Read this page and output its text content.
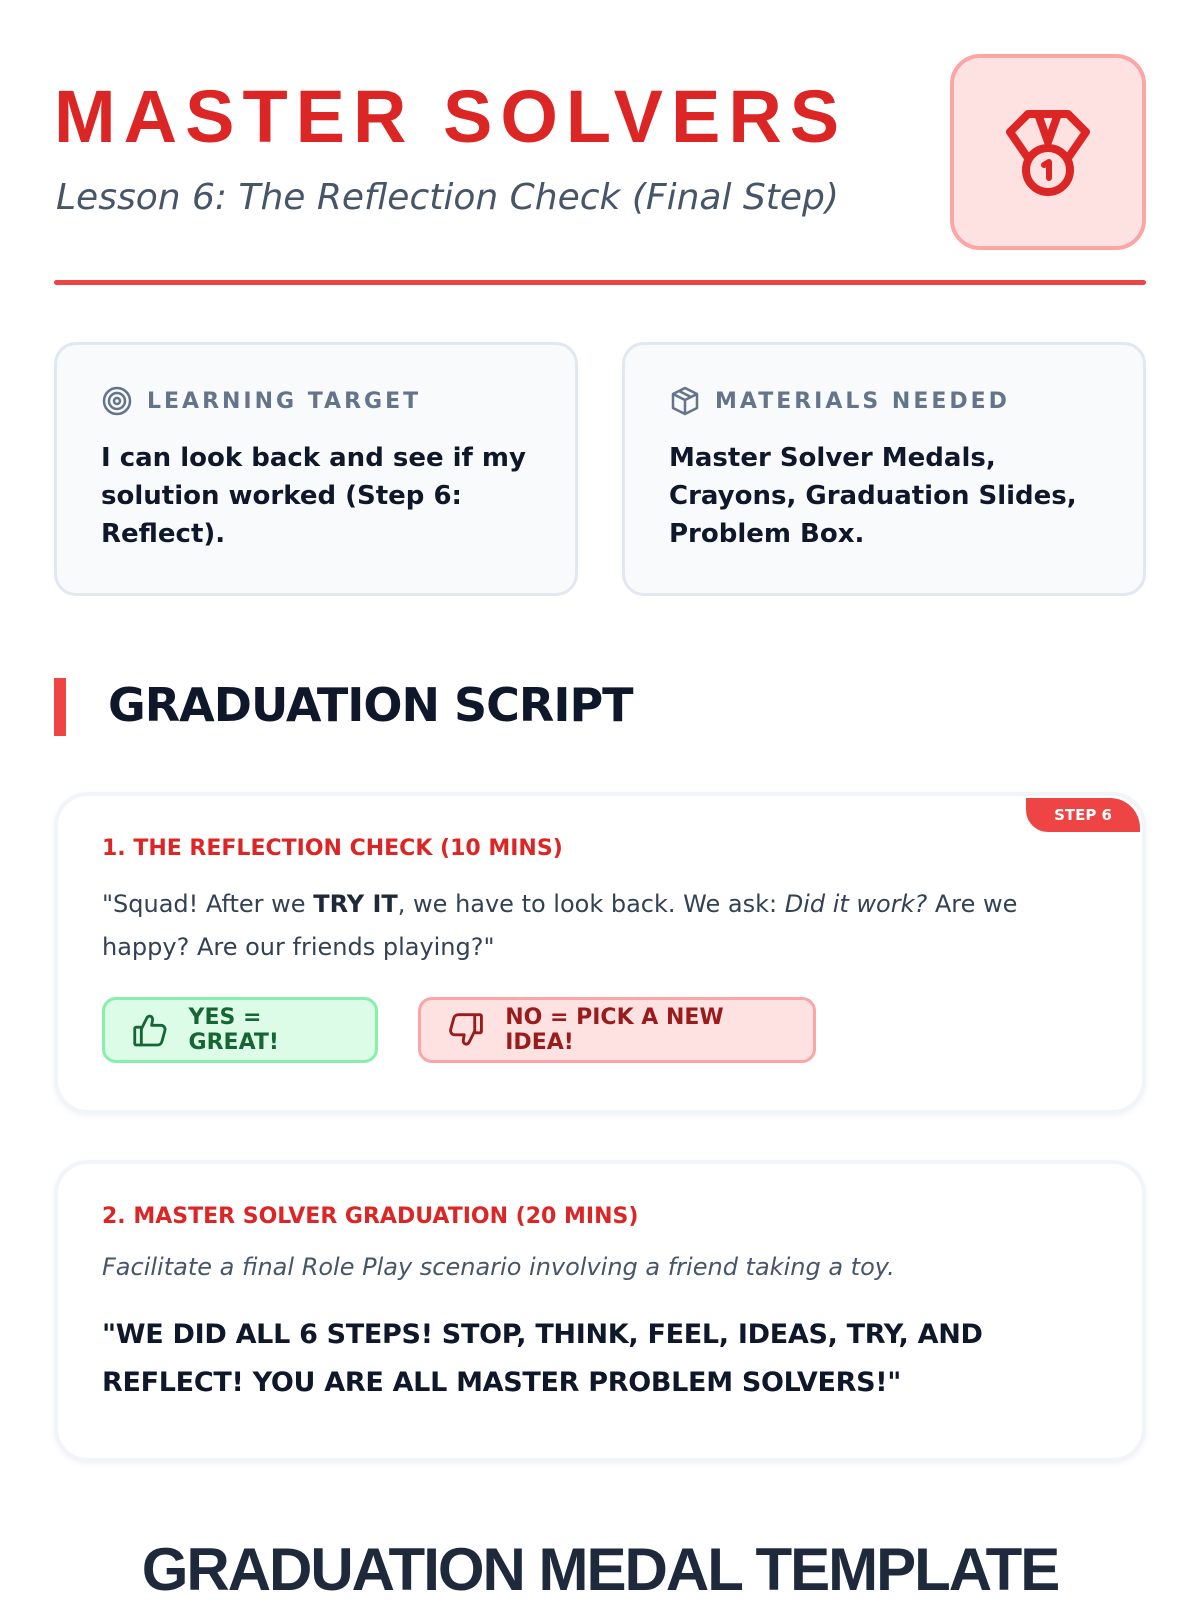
MASTER SOLVERS

Lesson 6: The Reflection Check (Final Step)

LEARNING TARGET

I can look back and see if my solution worked (Step 6: Reflect).

MATERIALS NEEDED

Master Solver Medals, Crayons, Graduation Slides, Problem Box.

GRADUATION SCRIPT
STEP 6
1. THE REFLECTION CHECK (10 MINS)

"Squad! After we TRY IT, we have to look back. We ask: Did it work? Are we happy? Are our friends playing?"

YES = GREAT!
NO = PICK A NEW IDEA!
2. MASTER SOLVER GRADUATION (20 MINS)

Facilitate a final Role Play scenario involving a friend taking a toy.

"WE DID ALL 6 STEPS! STOP, THINK, FEEL, IDEAS, TRY, AND REFLECT! YOU ARE ALL MASTER PROBLEM SOLVERS!"

GRADUATION MEDAL TEMPLATE
